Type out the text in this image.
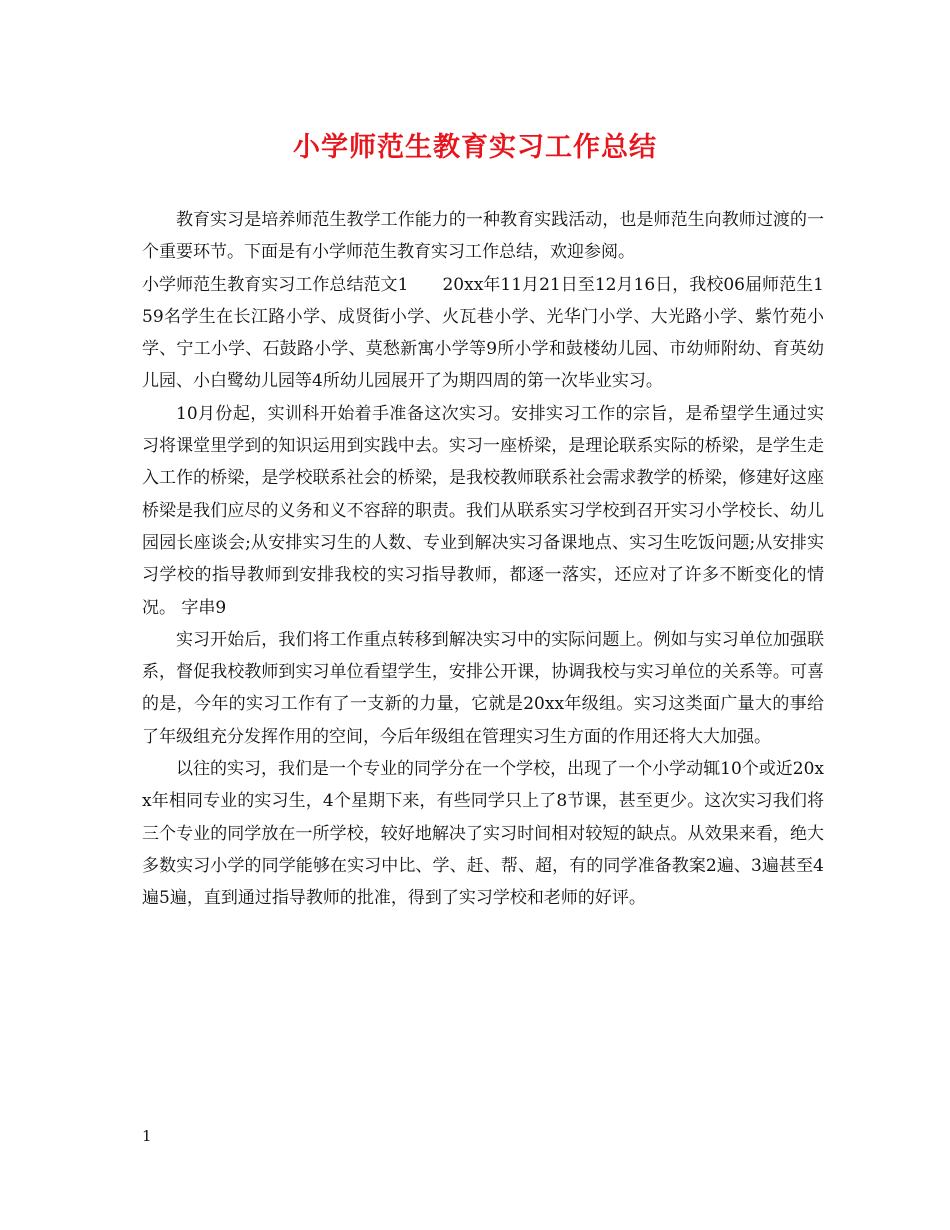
小学师范生教育实习工作总结

教育实习是培养师范生教学工作能力的一种教育实践活动，也是师范生向教师过渡的一个重要环节。下面是有小学师范生教育实习工作总结，欢迎参阅。

小学师范生教育实习工作总结范文1　　20xx年11月21日至12月16日，我校06届师范生159名学生在长江路小学、成贤街小学、火瓦巷小学、光华门小学、大光路小学、紫竹苑小学、宁工小学、石鼓路小学、莫愁新寓小学等9所小学和鼓楼幼儿园、市幼师附幼、育英幼儿园、小白鹭幼儿园等4所幼儿园展开了为期四周的第一次毕业实习。

10月份起，实训科开始着手准备这次实习。安排实习工作的宗旨，是希望学生通过实习将课堂里学到的知识运用到实践中去。实习一座桥梁，是理论联系实际的桥梁，是学生走入工作的桥梁，是学校联系社会的桥梁，是我校教师联系社会需求教学的桥梁，修建好这座桥梁是我们应尽的义务和义不容辞的职责。我们从联系实习学校到召开实习小学校长、幼儿园园长座谈会;从安排实习生的人数、专业到解决实习备课地点、实习生吃饭问题;从安排实习学校的指导教师到安排我校的实习指导教师，都逐一落实，还应对了许多不断变化的情况。 字串9

实习开始后，我们将工作重点转移到解决实习中的实际问题上。例如与实习单位加强联系，督促我校教师到实习单位看望学生，安排公开课，协调我校与实习单位的关系等。可喜的是，今年的实习工作有了一支新的力量，它就是20xx年级组。实习这类面广量大的事给了年级组充分发挥作用的空间，今后年级组在管理实习生方面的作用还将大大加强。

以往的实习，我们是一个专业的同学分在一个学校，出现了一个小学动辄10个或近20xx年相同专业的实习生，4个星期下来，有些同学只上了8节课，甚至更少。这次实习我们将三个专业的同学放在一所学校，较好地解决了实习时间相对较短的缺点。从效果来看，绝大多数实习小学的同学能够在实习中比、学、赶、帮、超，有的同学准备教案2遍、3遍甚至4遍5遍，直到通过指导教师的批准，得到了实习学校和老师的好评。

1
